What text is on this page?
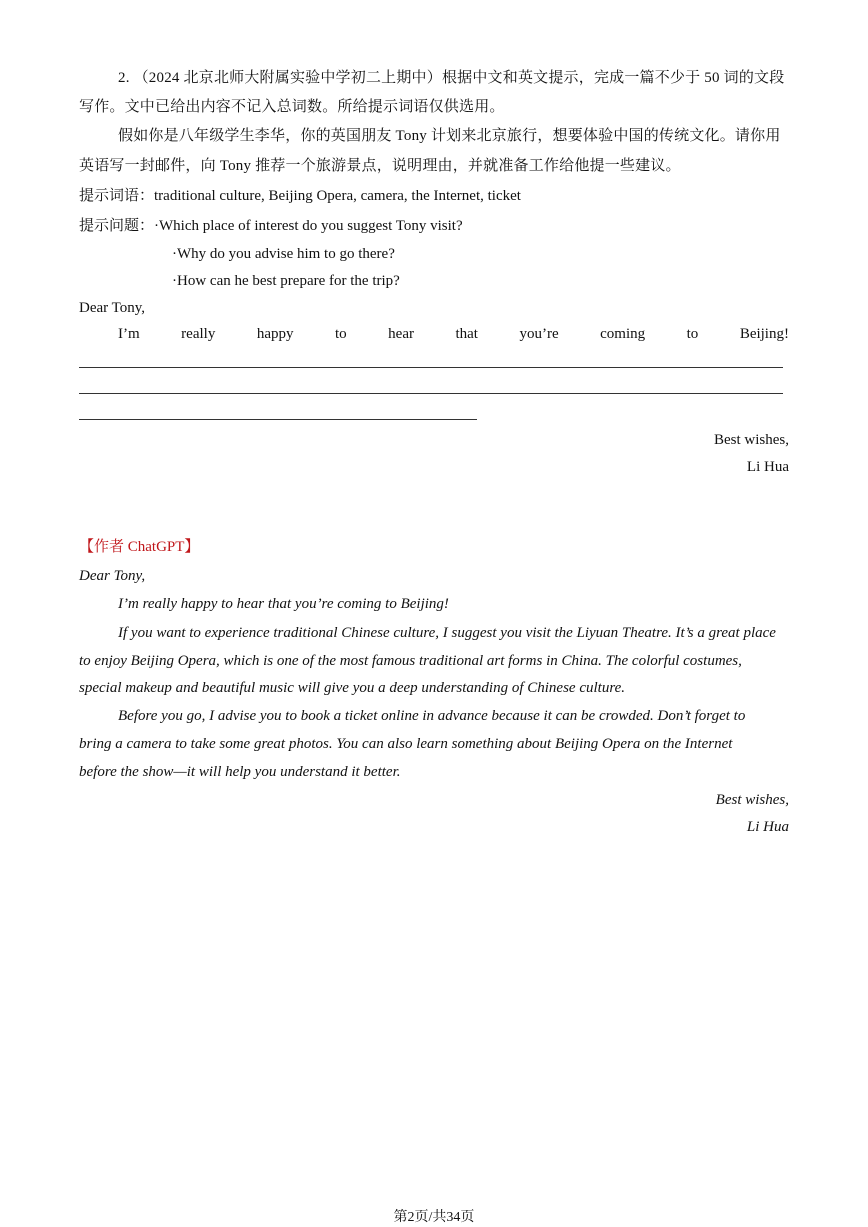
2. （2024 北京北师大附属实验中学初二上期中）根据中文和英文提示，完成一篇不少于 50 词的文段
写作。文中已给出内容不记入总词数。所给提示词语仅供选用。
假如你是八年级学生李华，你的英国朋友 Tony 计划来北京旅行，想要体验中国的传统文化。请你用
英语写一封邮件，向 Tony 推荐一个旅游景点，说明理由，并就准备工作给他提一些建议。
提示词语：traditional culture, Beijing Opera, camera, the Internet, ticket
提示问题： ·Which place of interest do you suggest Tony visit?
·Why do you advise him to go there?
·How can he best prepare for the trip?
Dear Tony,
I’m	really	happy	to	hear	that	you’re	coming	to	Beijing!
Best wishes,
Li Hua
【作者 ChatGPT】
Dear Tony,
I’m really happy to hear that you’re coming to Beijing!
If you want to experience traditional Chinese culture, I suggest you visit the Liyuan Theatre. It’s a great place
to enjoy Beijing Opera, which is one of the most famous traditional art forms in China. The colorful costumes,
special makeup and beautiful music will give you a deep understanding of Chinese culture.
Before you go, I advise you to book a ticket online in advance because it can be crowded. Don’t forget to
bring a camera to take some great photos. You can also learn something about Beijing Opera on the Internet
before the show—it will help you understand it better.
Best wishes,
Li Hua
第2页/共34页
